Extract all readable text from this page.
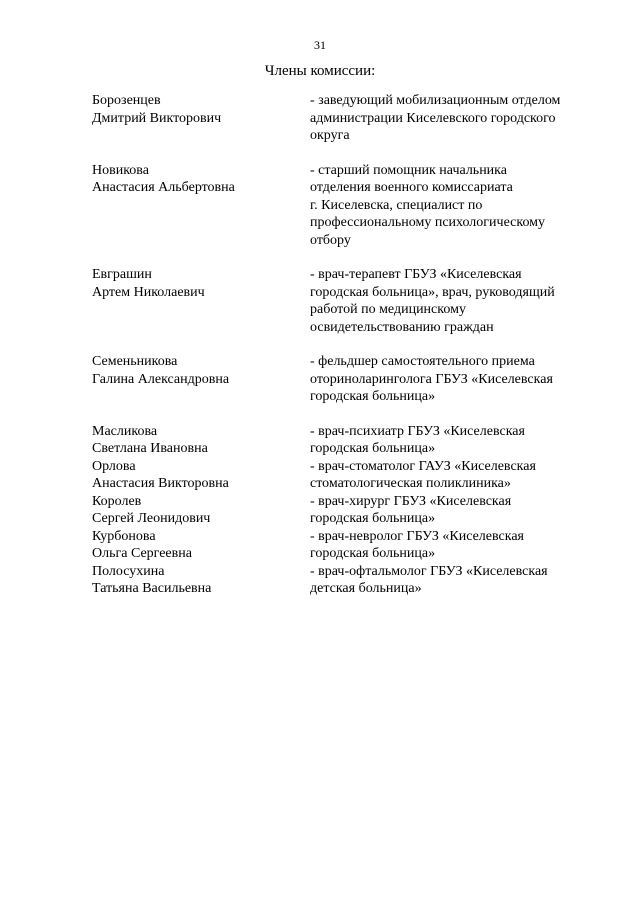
31
Члены комиссии:
Борозенцев
Дмитрий Викторович
- заведующий мобилизационным отделом
администрации Киселевского городского
округа
Новикова
Анастасия Альбертовна
- старший помощник начальника
отделения военного комиссариата
г. Киселевска, специалист по
профессиональному психологическому
отбору
Евграшин
Артем Николаевич
- врач-терапевт ГБУЗ «Киселевская
городская больница», врач, руководящий
работой по медицинскому
освидетельствованию граждан
Семеньникова
Галина Александровна
- фельдшер самостоятельного приема
оториноларинголога ГБУЗ «Киселевская
городская больница»
Масликова
Светлана Ивановна
- врач-психиатр ГБУЗ «Киселевская
городская больница»
Орлова
Анастасия Викторовна
- врач-стоматолог ГАУЗ «Киселевская
стоматологическая поликлиника»
Королев
Сергей Леонидович
- врач-хирург ГБУЗ «Киселевская
городская больница»
Курбонова
Ольга Сергеевна
- врач-невролог ГБУЗ «Киселевская
городская больница»
Полосухина
Татьяна Васильевна
- врач-офтальмолог ГБУЗ «Киселевская
детская больница»
